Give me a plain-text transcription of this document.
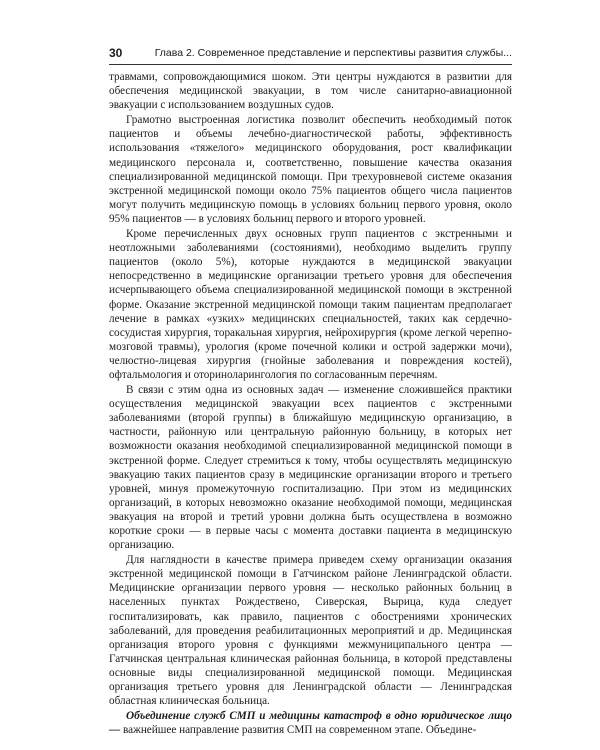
30	Глава 2. Современное представление и перспективы развития службы...

травмами, сопровождающимися шоком. Эти центры нуждаются в развитии для обеспечения медицинской эвакуации, в том числе санитарно-авиационной эвакуации с использованием воздушных судов.

Грамотно выстроенная логистика позволит обеспечить необходимый поток пациентов и объемы лечебно-диагностической работы, эффективность использования «тяжелого» медицинского оборудования, рост квалификации медицинского персонала и, соответственно, повышение качества оказания специализированной медицинской помощи. При трехуровневой системе оказания экстренной медицинской помощи около 75% пациентов общего числа пациентов могут получить медицинскую помощь в условиях больниц первого уровня, около 95% пациентов — в условиях больниц первого и второго уровней.

Кроме перечисленных двух основных групп пациентов с экстренными и неотложными заболеваниями (состояниями), необходимо выделить группу пациентов (около 5%), которые нуждаются в медицинской эвакуации непосредственно в медицинские организации третьего уровня для обеспечения исчерпывающего объема специализированной медицинской помощи в экстренной форме. Оказание экстренной медицинской помощи таким пациентам предполагает лечение в рамках «узких» медицинских специальностей, таких как сердечно-сосудистая хирургия, торакальная хирургия, нейрохирургия (кроме легкой черепно-мозговой травмы), урология (кроме почечной колики и острой задержки мочи), челюстно-лицевая хирургия (гнойные заболевания и повреждения костей), офтальмология и оториноларингология по согласованным перечням.

В связи с этим одна из основных задач — изменение сложившейся практики осуществления медицинской эвакуации всех пациентов с экстренными заболеваниями (второй группы) в ближайшую медицинскую организацию, в частности, районную или центральную районную больницу, в которых нет возможности оказания необходимой специализированной медицинской помощи в экстренной форме. Следует стремиться к тому, чтобы осуществлять медицинскую эвакуацию таких пациентов сразу в медицинские организации второго и третьего уровней, минуя промежуточную госпитализацию. При этом из медицинских организаций, в которых невозможно оказание необходимой помощи, медицинская эвакуация на второй и третий уровни должна быть осуществлена в возможно короткие сроки — в первые часы с момента доставки пациента в медицинскую организацию.

Для наглядности в качестве примера приведем схему организации оказания экстренной медицинской помощи в Гатчинском районе Ленинградской области. Медицинские организации первого уровня — несколько районных больниц в населенных пунктах Рождествено, Сиверская, Вырица, куда следует госпитализировать, как правило, пациентов с обострениями хронических заболеваний, для проведения реабилитационных мероприятий и др. Медицинская организация второго уровня с функциями межмуниципального центра — Гатчинская центральная клиническая районная больница, в которой представлены основные виды специализированной медицинской помощи. Медицинская организация третьего уровня для Ленинградской области — Ленинградская областная клиническая больница.

Объединение служб СМП и медицины катастроф в одно юридическое лицо — важнейшее направление развития СМП на современном этапе. Объедине-
